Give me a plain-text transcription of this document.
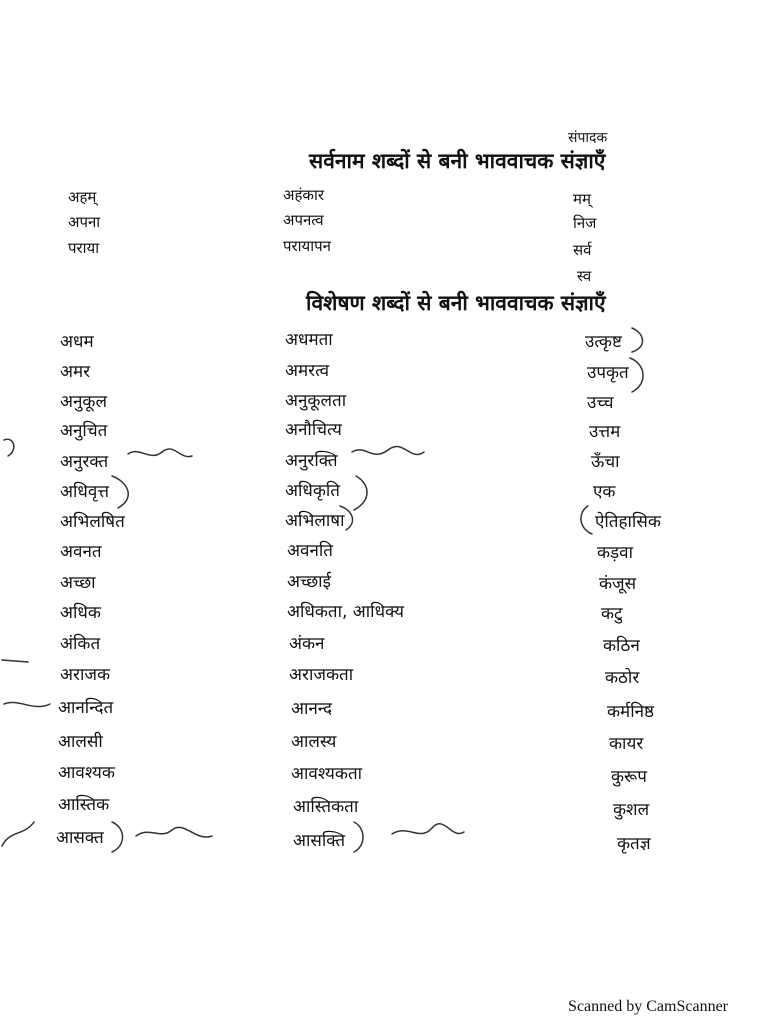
संपादक
सर्वनाम शब्दों से बनी भाववाचक संज्ञाएँ
अहम्
अपना
पराया
अहंकार
अपनत्व
परायापन
मम्
निज
सर्व
स्व
विशेषण शब्दों से बनी भाववाचक संज्ञाएँ
अधम
अमर
अनुकूल
अनुचित
अनुरक्त
अधिवृत्त
अभिलषित
अवनत
अच्छा
अधिक
अंकित
अराजक
आनन्दित
आलसी
आवश्यक
आस्तिक
आसक्त
अधमता
अमरत्व
अनुकूलता
अनौचित्य
अनुरक्ति
अधिकृति
अभिलाषा
अवनति
अच्छाई
अधिकता, आधिक्य
अंकन
अराजकता
आनन्द
आलस्य
आवश्यकता
आस्तिकता
आसक्ति
उत्कृष्ट
उपकृत
उच्च
उत्तम
ऊँचा
एक
ऐतिहासिक
कड़वा
कंजूस
कटु
कठिन
कठोर
कर्मनिष्ठ
कायर
कुरूप
कुशल
कृतज्ञ
Scanned by CamScanner
